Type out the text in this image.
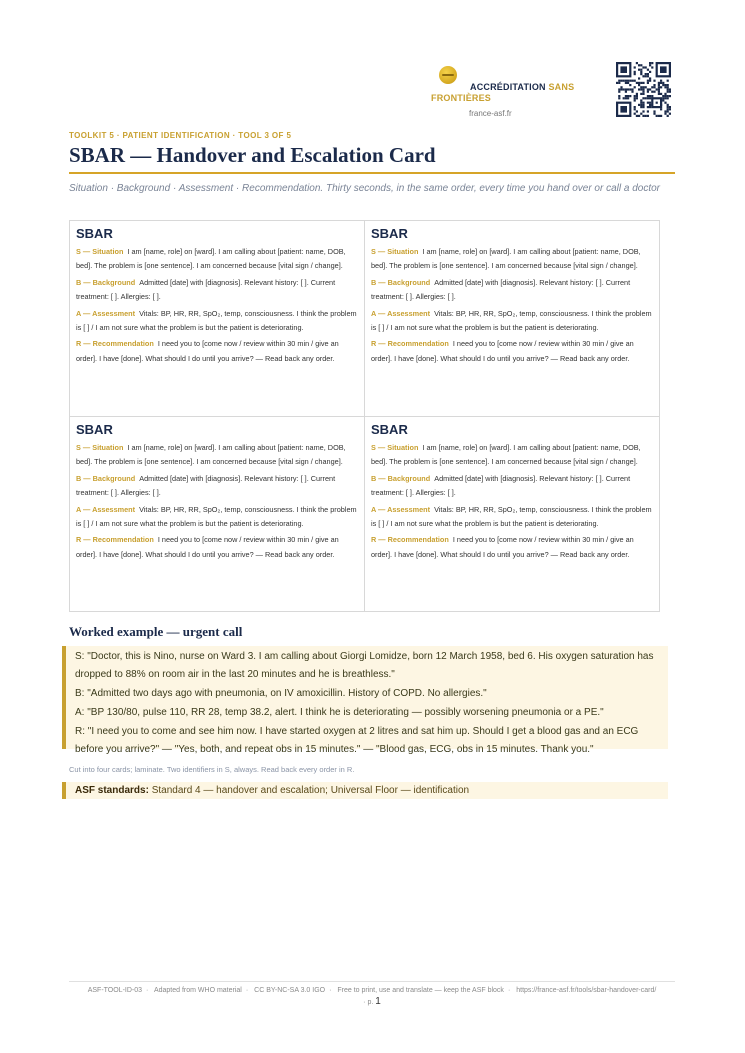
ACCRÉDITATION SANS
FRONTIÈRES
france-asf.fr
TOOLKIT 5 · PATIENT IDENTIFICATION · TOOL 3 OF 5
SBAR — Handover and Escalation Card

Situation · Background · Assessment · Recommendation. Thirty seconds, in the same order, every time you hand over or call a doctor

SBAR

S — Situation I am [name, role] on [ward]. I am calling about [patient: name, DOB, bed]. The problem is [one sentence]. I am concerned because [vital sign / change].

B — Background Admitted [date] with [diagnosis]. Relevant history: [ ]. Current treatment: [ ]. Allergies: [ ].

A — Assessment Vitals: BP, HR, RR, SpO₂, temp, consciousness. I think the problem is [ ] / I am not sure what the problem is but the patient is deteriorating.

R — Recommendation I need you to [come now / review within 30 min / give an order]. I have [done]. What should I do until you arrive? — Read back any order.

SBAR

S — Situation I am [name, role] on [ward]. I am calling about [patient: name, DOB, bed]. The problem is [one sentence]. I am concerned because [vital sign / change].

B — Background Admitted [date] with [diagnosis]. Relevant history: [ ]. Current treatment: [ ]. Allergies: [ ].

A — Assessment Vitals: BP, HR, RR, SpO₂, temp, consciousness. I think the problem is [ ] / I am not sure what the problem is but the patient is deteriorating.

R — Recommendation I need you to [come now / review within 30 min / give an order]. I have [done]. What should I do until you arrive? — Read back any order.

SBAR

S — Situation I am [name, role] on [ward]. I am calling about [patient: name, DOB, bed]. The problem is [one sentence]. I am concerned because [vital sign / change].

B — Background Admitted [date] with [diagnosis]. Relevant history: [ ]. Current treatment: [ ]. Allergies: [ ].

A — Assessment Vitals: BP, HR, RR, SpO₂, temp, consciousness. I think the problem is [ ] / I am not sure what the problem is but the patient is deteriorating.

R — Recommendation I need you to [come now / review within 30 min / give an order]. I have [done]. What should I do until you arrive? — Read back any order.

SBAR

S — Situation I am [name, role] on [ward]. I am calling about [patient: name, DOB, bed]. The problem is [one sentence]. I am concerned because [vital sign / change].

B — Background Admitted [date] with [diagnosis]. Relevant history: [ ]. Current treatment: [ ]. Allergies: [ ].

A — Assessment Vitals: BP, HR, RR, SpO₂, temp, consciousness. I think the problem is [ ] / I am not sure what the problem is but the patient is deteriorating.

R — Recommendation I need you to [come now / review within 30 min / give an order]. I have [done]. What should I do until you arrive? — Read back any order.

Worked example — urgent call

S: "Doctor, this is Nino, nurse on Ward 3. I am calling about Giorgi Lomidze, born 12 March 1958, bed 6. His oxygen saturation has dropped to 88% on room air in the last 20 minutes and he is breathless."

B: "Admitted two days ago with pneumonia, on IV amoxicillin. History of COPD. No allergies."

A: "BP 130/80, pulse 110, RR 28, temp 38.2, alert. I think he is deteriorating — possibly worsening pneumonia or a PE."

R: "I need you to come and see him now. I have started oxygen at 2 litres and sat him up. Should I get a blood gas and an ECG before you arrive?" — "Yes, both, and repeat obs in 15 minutes." — "Blood gas, ECG, obs in 15 minutes. Thank you."

Cut into four cards; laminate. Two identifiers in S, always. Read back every order in R.
ASF standards: Standard 4 — handover and escalation; Universal Floor — identification
ASF-TOOL-ID-03 · Adapted from WHO material · CC BY-NC-SA 3.0 IGO · Free to print, use and translate — keep the ASF block · https://france-asf.fr/tools/sbar-handover-card/
· p. 1
